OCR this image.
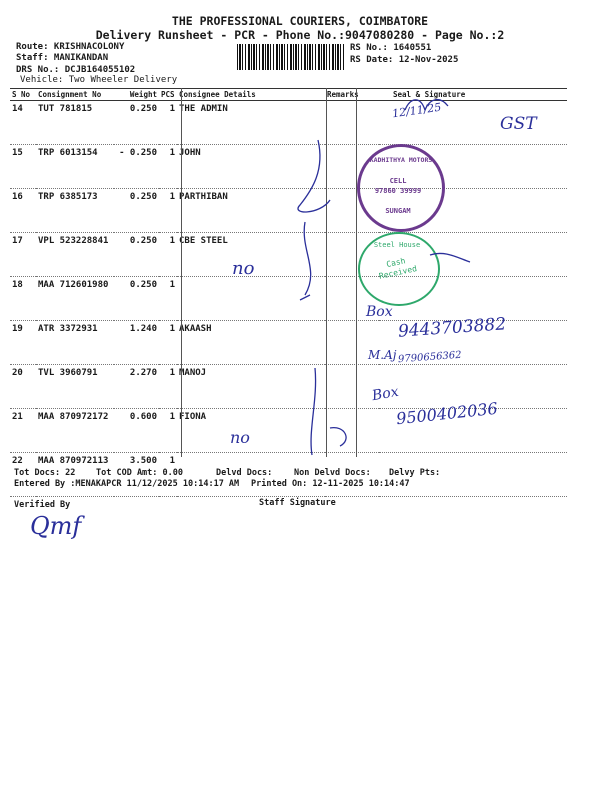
THE PROFESSIONAL COURIERS, COIMBATORE
Delivery Runsheet - PCR - Phone No.:9047080280 - Page No.:2
Route: KRISHNACOLONY
Staff: MANIKANDAN
DRS No.: DCJB164055102
Vehicle: Two Wheeler Delivery
RS No.: 1640551
RS Date: 12-Nov-2025
S No	Consignment No	Weight	PCS	Consignee Details	Remarks	Seal & Signature
14	TUT 781815	0.250	1	THE ADMIN		
15	TRP 6013154	- 0.250	1	JOHN		
16	TRP 6385173	0.250	1	PARTHIBAN		
17	VPL 523228841	0.250	1	CBE STEEL		
18	MAA 712601980	0.250	1			
19	ATR 3372931	1.240	1	AKAASH		
20	TVL 3960791	2.270	1	MANOJ		
21	MAA 870972172	0.600	1	FIONA		
22	MAA 870972113	3.500	1			
KADHITHYA MOTORS
CELL
97860 39999
SUNGAM
Steel House
Cash Received
12/11/25
GST
no
Box
9443703882
M.Aj 9790656362
Box
9500402036
no
Tot Docs: 22 Tot COD Amt: 0.00	Delvd Docs:	Non Delvd Docs: Delvy Pts:
Entered By :MENAKAPCR 11/12/2025 10:14:17 AM Printed On: 12-11-2025 10:14:47
Verified By	Staff Signature
Qmf
